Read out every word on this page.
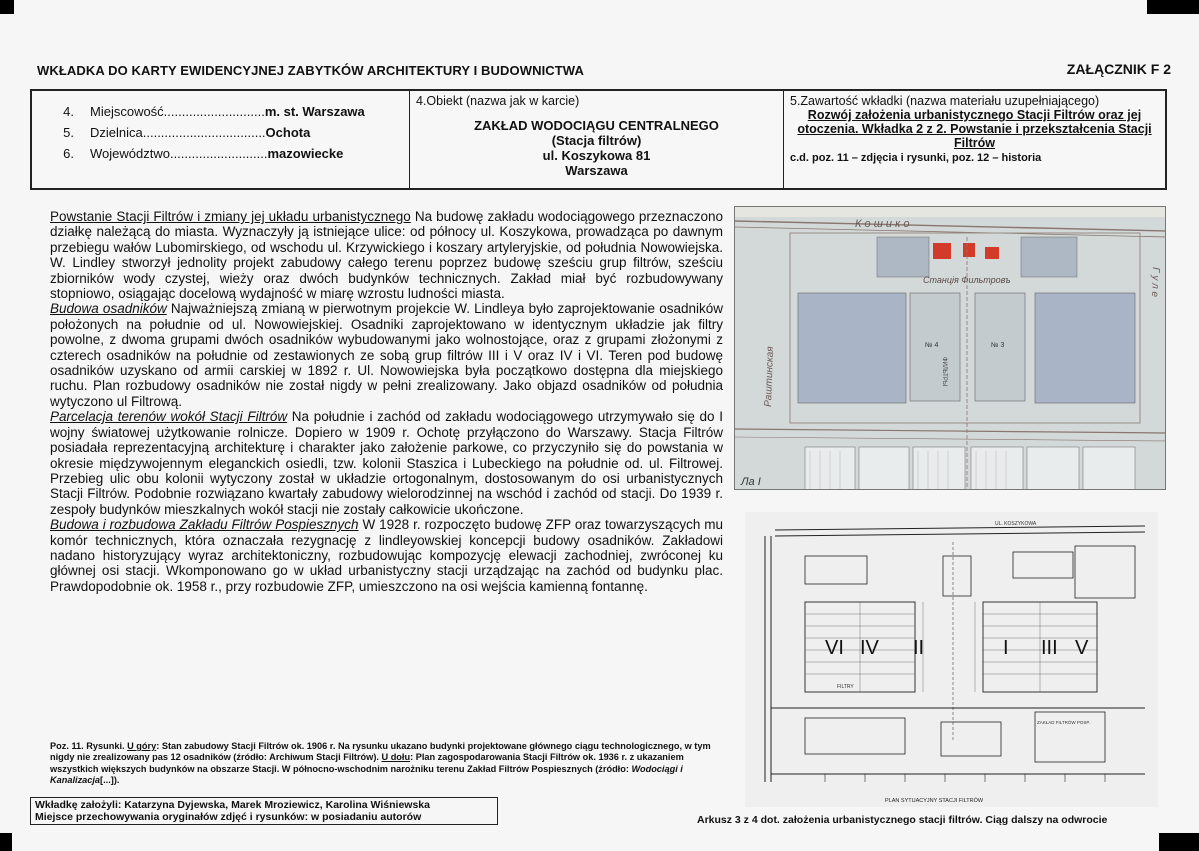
WKŁADKA DO KARTY EWIDENCYJNEJ ZABYTKÓW ARCHITEKTURY I BUDOWNICTWA	ZAŁĄCZNIK F 2
4.	Miejscowość............................ m. st. Warszawa
5.	Dzielnica.................................. Ochota
6.	Województwo........................... mazowiecke
4.Obiekt (nazwa jak w karcie)
ZAKŁAD WODOCIĄGU CENTRALNEGO
(Stacja filtrów)
ul. Koszykowa 81
Warszawa
5.Zawartość wkładki (nazwa materiału uzupełniającego)
Rozwój założenia urbanistycznego Stacji Filtrów oraz jej otoczenia. Wkładka 2 z 2. Powstanie i przekształcenia Stacji Filtrów
c.d. poz. 11 – zdjęcia i rysunki, poz. 12 – historia

Powstanie Stacji Filtrów i zmiany jej układu urbanistycznego Na budowę zakładu wodociągowego przeznaczono działkę należącą do miasta. Wyznaczyły ją istniejące ulice: od północy ul. Koszykowa, prowadząca po dawnym przebiegu wałów Lubomirskiego, od wschodu ul. Krzywickiego i koszary artyleryjskie, od południa Nowowiejska. W. Lindley stworzył jednolity projekt zabudowy całego terenu poprzez budowę sześciu grup filtrów, sześciu zbiorników wody czystej, wieży oraz dwóch budynków technicznych. Zakład miał być rozbudowywany stopniowo, osiągając docelową wydajność w miarę wzrostu ludności miasta.

Budowa osadników Najważniejszą zmianą w pierwotnym projekcie W. Lindleya było zaprojektowanie osadników położonych na południe od ul. Nowowiejskiej. Osadniki zaprojektowano w identycznym układzie jak filtry powolne, z dwoma grupami dwóch osadników wybudowanymi jako wolnostojące, oraz z grupami złożonymi z czterech osadników na południe od zestawionych ze sobą grup filtrów III i V oraz IV i VI. Teren pod budowę osadników uzyskano od armii carskiej w 1892 r. Ul. Nowowiejska była początkowo dostępna dla miejskiego ruchu. Plan rozbudowy osadników nie został nigdy w pełni zrealizowany. Jako objazd osadników od południa wytyczono ul Filtrową.

Parcelacja terenów wokół Stacji Filtrów Na południe i zachód od zakładu wodociągowego utrzymywało się do I wojny światowej użytkowanie rolnicze. Dopiero w 1909 r. Ochotę przyłączono do Warszawy. Stacja Filtrów posiadała reprezentacyjną architekturę i charakter jako założenie parkowe, co przyczyniło się do powstania w okresie międzywojennym eleganckich osiedli, tzw. kolonii Staszica i Lubeckiego na południe od. ul. Filtrowej. Przebieg ulic obu kolonii wytyczony został w układzie ortogonalnym, dostosowanym do osi urbanistycznych Stacji Filtrów. Podobnie rozwiązano kwartały zabudowy wielorodzinnej na wschód i zachód od stacji. Do 1939 r. zespoły budynków mieszkalnych wokół stacji nie zostały całkowicie ukończone.

Budowa i rozbudowa Zakładu Filtrów Pospiesznych W 1928 r. rozpoczęto budowę ZFP oraz towarzyszących mu komór technicznych, która oznaczała rezygnację z lindleyowskiej koncepcji budowy osadników. Zakładowi nadano historyzujący wyraz architektoniczny, rozbudowując kompozycję elewacji zachodniej, zwróconej ku głównej osi stacji. Wkomponowano go w układ urbanistyczny stacji urządzając na zachód od budynku plac. Prawdopodobnie ok. 1958 r., przy rozbudowie ZFP, umieszczono na osi wejścia kamienną fontannę.

Poz. 11. Rysunki. U góry: Stan zabudowy Stacji Filtrów ok. 1906 r. Na rysunku ukazano budynki projektowane głównego ciągu technologicznego, w tym nigdy nie zrealizowany pas 12 osadników (źródło: Archiwum Stacji Filtrów). U dołu: Plan zagospodarowania Stacji Filtrów ok. 1936 r. z ukazaniem wszystkich większych budynków na obszarze Stacji. W północno-wschodnim narożniku terenu Zakład Filtrów Pospiesznych (źródło: Wodociągi i Kanalizacja[...]).
Wkładkę założyli: Katarzyna Dyjewska, Marek Mroziewicz, Karolina Wiśniewska
Miejsce przechowywania oryginałów zdjęć i rysunków: w posiadaniu autorów	Arkusz 3 z 4 dot. założenia urbanistycznego stacji filtrów. Ciąg dalszy na odwrocie
К о ш и к о
Станція Фильтровъ
№ 4	№ 3
ФИЛЬТРЫ
Раштинская
Г у л е
Ла І
UL. KOSZYKOWA
VI IV II	I III V
FILTRY
ZAKŁAD FILTRÓW POSP.
PLAN SYTUACYJNY STACJI FILTRÓW
